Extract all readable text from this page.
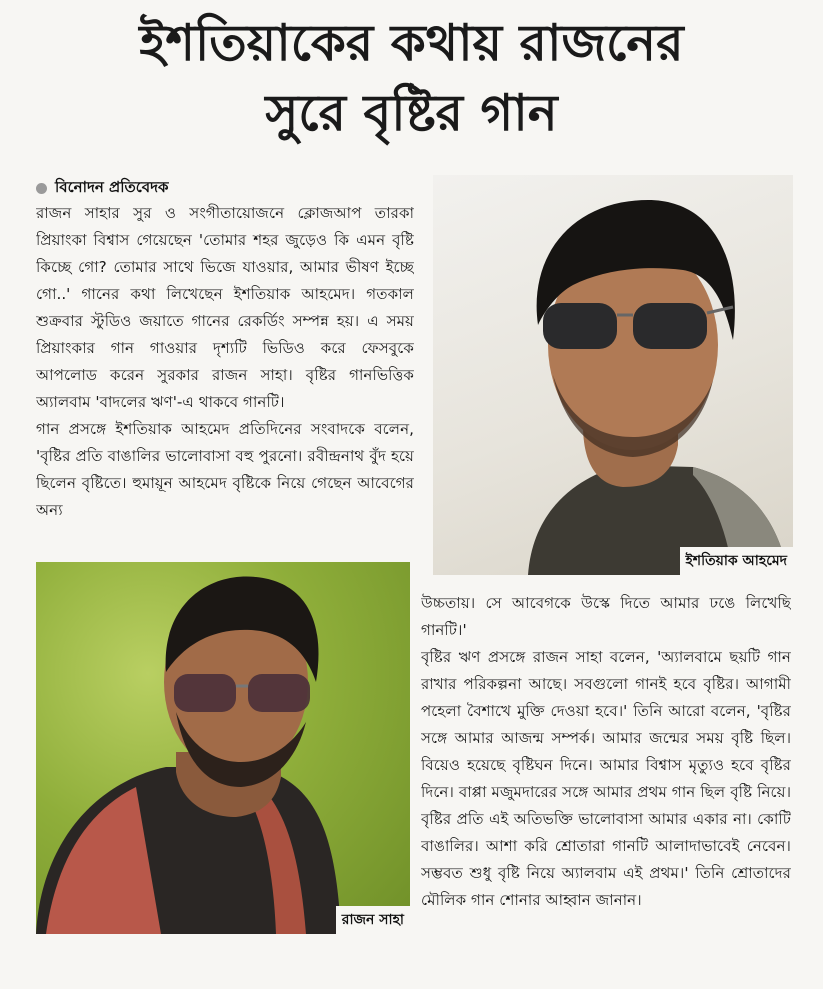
ইশতিয়াকের কথায় রাজনের
সুরে বৃষ্টির গান
বিনোদন প্রতিবেদক

রাজন সাহার সুর ও সংগীতায়োজনে ক্লোজআপ তারকা প্রিয়াংকা বিশ্বাস গেয়েছেন 'তোমার শহর জুড়েও কি এমন বৃষ্টি কিচ্ছে গো? তোমার সাথে ভিজে যাওয়ার, আমার ভীষণ ইচ্ছে গো..' গানের কথা লিখেছেন ইশতিয়াক আহমেদ। গতকাল শুক্রবার স্টুডিও জয়াতে গানের রেকর্ডিং সম্পন্ন হয়। এ সময় প্রিয়াংকার গান গাওয়ার দৃশ্যটি ভিডিও করে ফেসবুকে আপলোড করেন সুরকার রাজন সাহা। বৃষ্টির গানভিত্তিক অ্যালবাম 'বাদলের ঋণ'-এ থাকবে গানটি।

গান প্রসঙ্গে ইশতিয়াক আহমেদ প্রতিদিনের সংবাদকে বলেন, 'বৃষ্টির প্রতি বাঙালির ভালোবাসা বহু পুরনো। রবীন্দ্রনাথ বুঁদ হয়ে ছিলেন বৃষ্টিতে। হুমায়ূন আহমেদ বৃষ্টিকে নিয়ে গেছেন আবেগের অন্য

ইশতিয়াক আহমেদ
রাজন সাহা

উচ্চতায়। সে আবেগকে উস্কে দিতে আমার ঢঙে লিখেছি গানটি।'

বৃষ্টির ঋণ প্রসঙ্গে রাজন সাহা বলেন, 'অ্যালবামে ছয়টি গান রাখার পরিকল্পনা আছে। সবগুলো গানই হবে বৃষ্টির। আগামী পহেলা বৈশাখে মুক্তি দেওয়া হবে।' তিনি আরো বলেন, 'বৃষ্টির সঙ্গে আমার আজন্ম সম্পর্ক। আমার জন্মের সময় বৃষ্টি ছিল। বিয়েও হয়েছে বৃষ্টিঘন দিনে। আমার বিশ্বাস মৃত্যুও হবে বৃষ্টির দিনে। বাপ্পা মজুমদারের সঙ্গে আমার প্রথম গান ছিল বৃষ্টি নিয়ে। বৃষ্টির প্রতি এই অতিভক্তি ভালোবাসা আমার একার না। কোটি বাঙালির। আশা করি শ্রোতারা গানটি আলাদাভাবেই নেবেন। সম্ভবত শুধু বৃষ্টি নিয়ে অ্যালবাম এই প্রথম।' তিনি শ্রোতাদের মৌলিক গান শোনার আহ্বান জানান।
